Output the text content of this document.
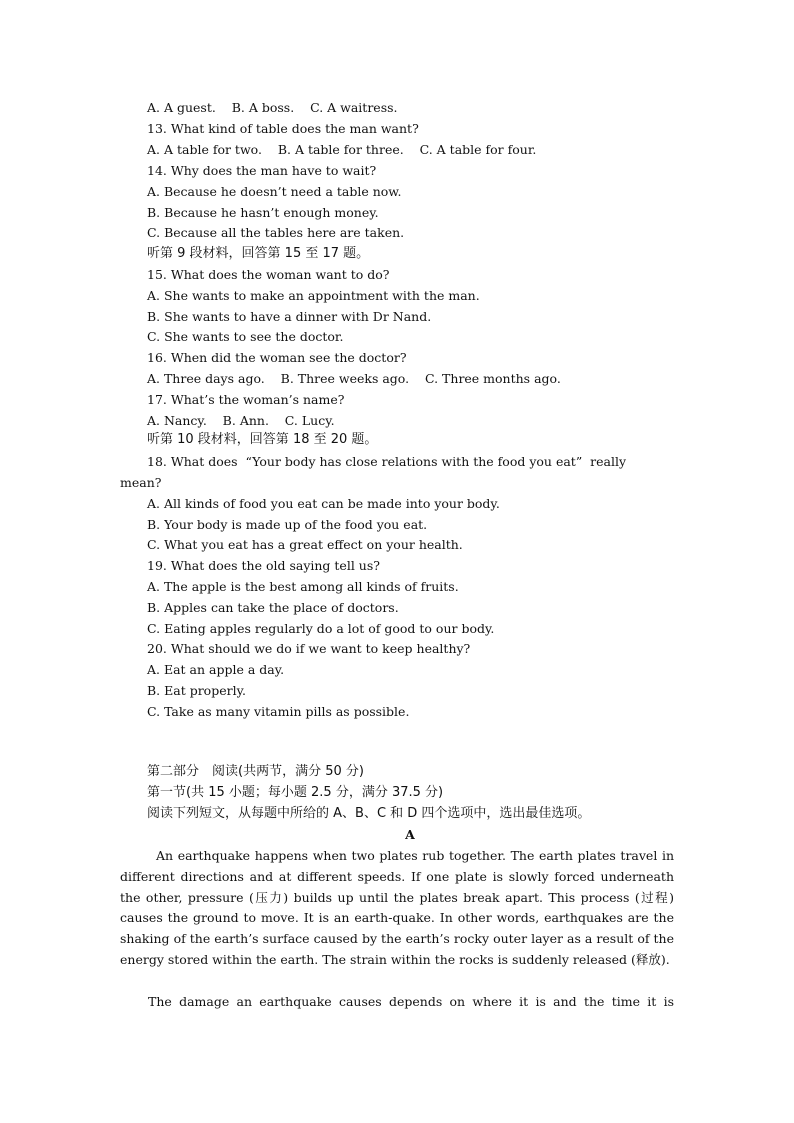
A. A guest.    B. A boss.    C. A waitress.
13. What kind of table does the man want?
A. A table for two.    B. A table for three.    C. A table for four.
14. Why does the man have to wait?
A. Because he doesn’t need a table now.
B. Because he hasn’t enough money.
C. Because all the tables here are taken.
听第 9 段材料，回答第 15 至 17 题。
15. What does the woman want to do?
A. She wants to make an appointment with the man.
B. She wants to have a dinner with Dr Nand.
C. She wants to see the doctor.
16. When did the woman see the doctor?
A. Three days ago.    B. Three weeks ago.    C. Three months ago.
17. What’s the woman’s name?
A. Nancy.    B. Ann.    C. Lucy.
听第 10 段材料，回答第 18 至 20 题。
18. What does  “Your body has close relations with the food you eat”  really
mean?
A. All kinds of food you eat can be made into your body.
B. Your body is made up of the food you eat.
C. What you eat has a great effect on your health.
19. What does the old saying tell us?
A. The apple is the best among all kinds of fruits.
B. Apples can take the place of doctors.
C. Eating apples regularly do a lot of good to our body.
20. What should we do if we want to keep healthy?
A. Eat an apple a day.
B. Eat properly.
C. Take as many vitamin pills as possible.
第二部分　阅读(共两节，满分 50 分)
第一节(共 15 小题；每小题 2.5 分，满分 37.5 分)
阅读下列短文，从每题中所给的 A、B、C 和 D 四个选项中，选出最佳选项。
A
An earthquake happens when two plates rub together. The earth plates travel in different directions and at different speeds. If one plate is slowly forced underneath the other, pressure (压力) builds up until the plates break apart. This process (过程) causes the ground to move. It is an earth-quake. In other words, earthquakes are the shaking of the earth’s surface caused by the earth’s rocky outer layer as a result of the energy stored within the earth. The strain within the rocks is suddenly released (释放).
The damage an earthquake causes depends on where it is and the time it is
